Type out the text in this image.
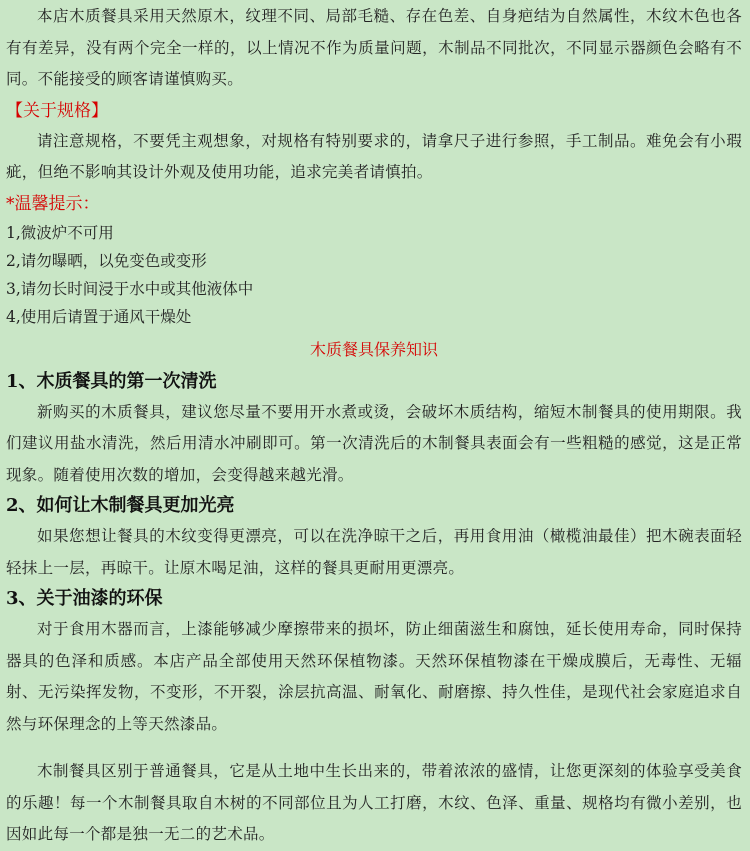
本店木质餐具采用天然原木，纹理不同、局部毛糙、存在色差、自身疤结为自然属性，木纹木色也各有有差异，没有两个完全一样的，以上情况不作为质量问题，木制品不同批次，不同显示器颜色会略有不同。不能接受的顾客请谨慎购买。

【关于规格】

请注意规格，不要凭主观想象，对规格有特别要求的，请拿尺子进行参照，手工制品。难免会有小瑕疵，但绝不影响其设计外观及使用功能，追求完美者请慎拍。

*温馨提示：

1,微波炉不可用

2,请勿曝晒，以免变色或变形

3,请勿长时间浸于水中或其他液体中

4,使用后请置于通风干燥处

木质餐具保养知识

1、木质餐具的第一次清洗

新购买的木质餐具，建议您尽量不要用开水煮或烫，会破坏木质结构，缩短木制餐具的使用期限。我们建议用盐水清洗，然后用清水冲刷即可。第一次清洗后的木制餐具表面会有一些粗糙的感觉，这是正常现象。随着使用次数的增加，会变得越来越光滑。

2、如何让木制餐具更加光亮

如果您想让餐具的木纹变得更漂亮，可以在洗净晾干之后，再用食用油（橄榄油最佳）把木碗表面轻轻抹上一层，再晾干。让原木喝足油，这样的餐具更耐用更漂亮。

3、关于油漆的环保

对于食用木器而言，上漆能够减少摩擦带来的损坏，防止细菌滋生和腐蚀，延长使用寿命，同时保持器具的色泽和质感。本店产品全部使用天然环保植物漆。天然环保植物漆在干燥成膜后，无毒性、无辐射、无污染挥发物，不变形，不开裂，涂层抗高温、耐氧化、耐磨擦、持久性佳，是现代社会家庭追求自然与环保理念的上等天然漆品。

木制餐具区别于普通餐具，它是从土地中生长出来的，带着浓浓的盛情，让您更深刻的体验享受美食的乐趣！每一个木制餐具取自木树的不同部位且为人工打磨，木纹、色泽、重量、规格均有微小差别，也因如此每一个都是独一无二的艺术品。
